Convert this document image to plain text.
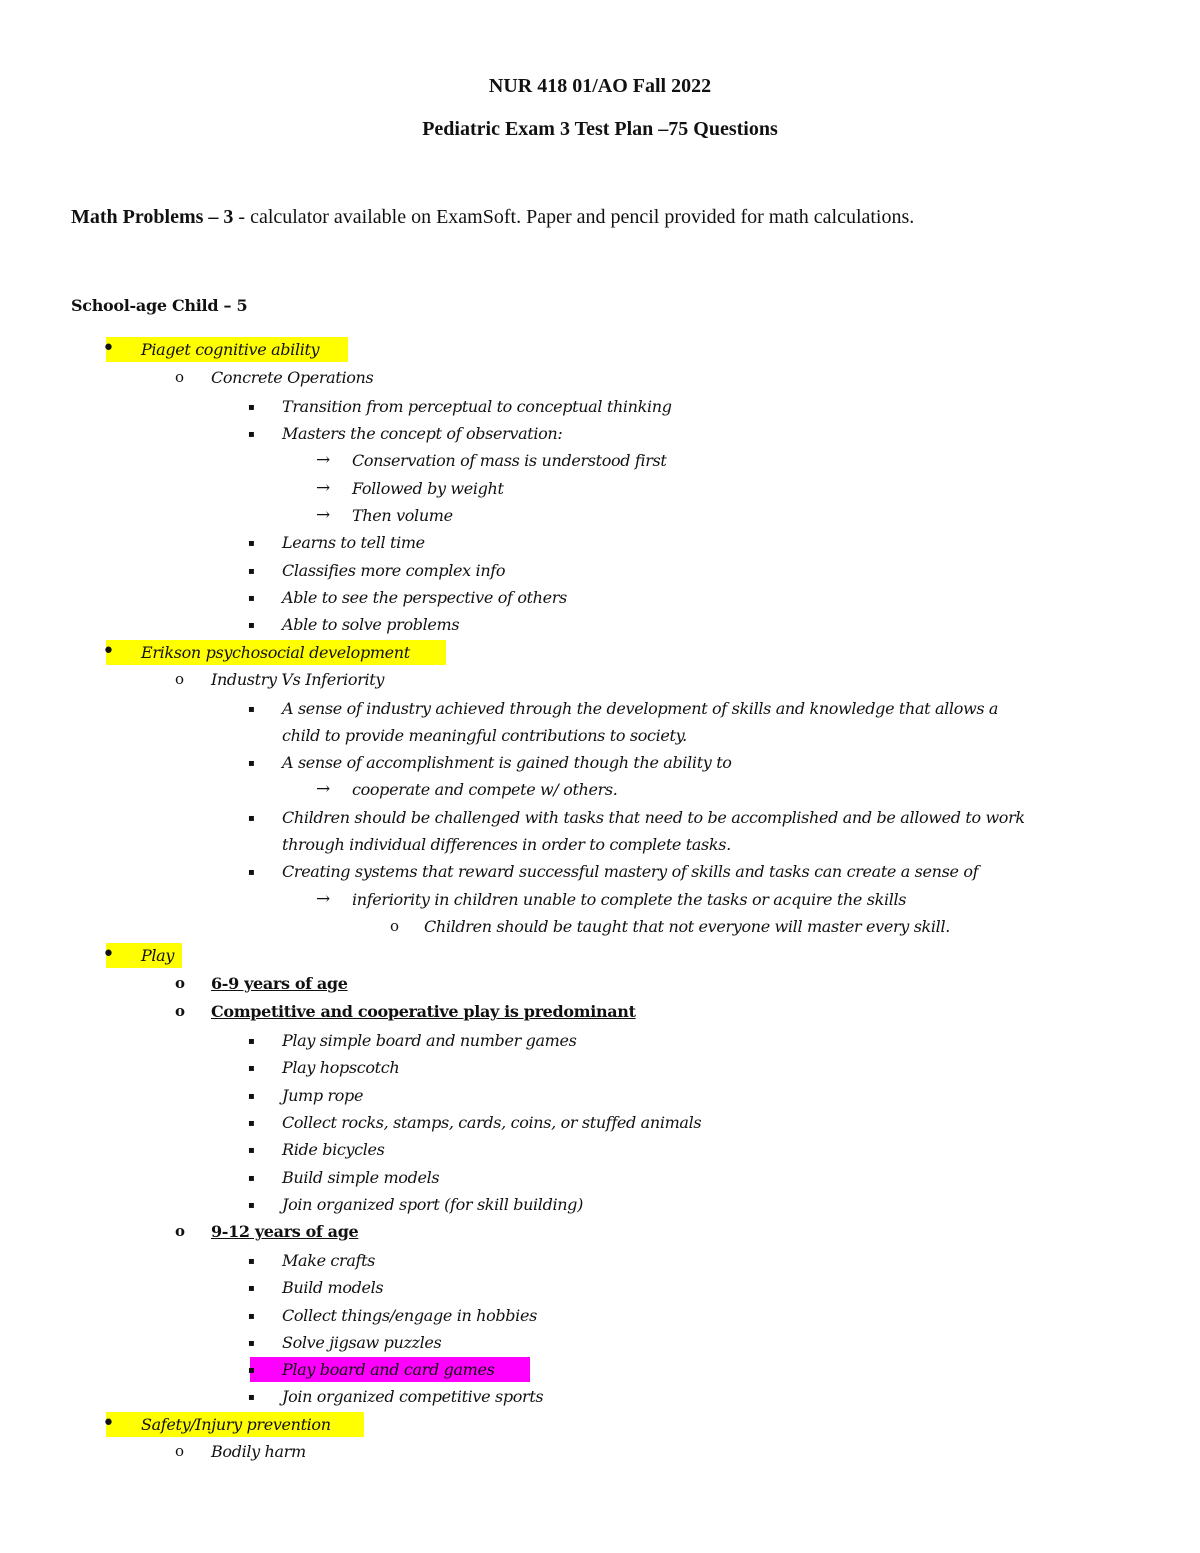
NUR 418 01/AO Fall 2022
Pediatric Exam 3 Test Plan –75 Questions
Math Problems – 3 - calculator available on ExamSoft. Paper and pencil provided for math calculations.
School-age Child – 5
• Piaget cognitive ability
o Concrete Operations
▪ Transition from perceptual to conceptual thinking
▪ Masters the concept of observation:
→ Conservation of mass is understood first
→ Followed by weight
→ Then volume
▪ Learns to tell time
▪ Classifies more complex info
▪ Able to see the perspective of others
▪ Able to solve problems
• Erikson psychosocial development
o Industry Vs Inferiority
▪ A sense of industry achieved through the development of skills and knowledge that allows a
child to provide meaningful contributions to society.
▪ A sense of accomplishment is gained though the ability to
→ cooperate and compete w/ others.
▪ Children should be challenged with tasks that need to be accomplished and be allowed to work
through individual differences in order to complete tasks.
▪ Creating systems that reward successful mastery of skills and tasks can create a sense of
→ inferiority in children unable to complete the tasks or acquire the skills
o Children should be taught that not everyone will master every skill.
• Play
o 6-9 years of age
o Competitive and cooperative play is predominant
▪ Play simple board and number games
▪ Play hopscotch
▪ Jump rope
▪ Collect rocks, stamps, cards, coins, or stuffed animals
▪ Ride bicycles
▪ Build simple models
▪ Join organized sport (for skill building)
o 9-12 years of age
▪ Make crafts
▪ Build models
▪ Collect things/engage in hobbies
▪ Solve jigsaw puzzles
▪ Play board and card games
▪ Join organized competitive sports
• Safety/Injury prevention
o Bodily harm
